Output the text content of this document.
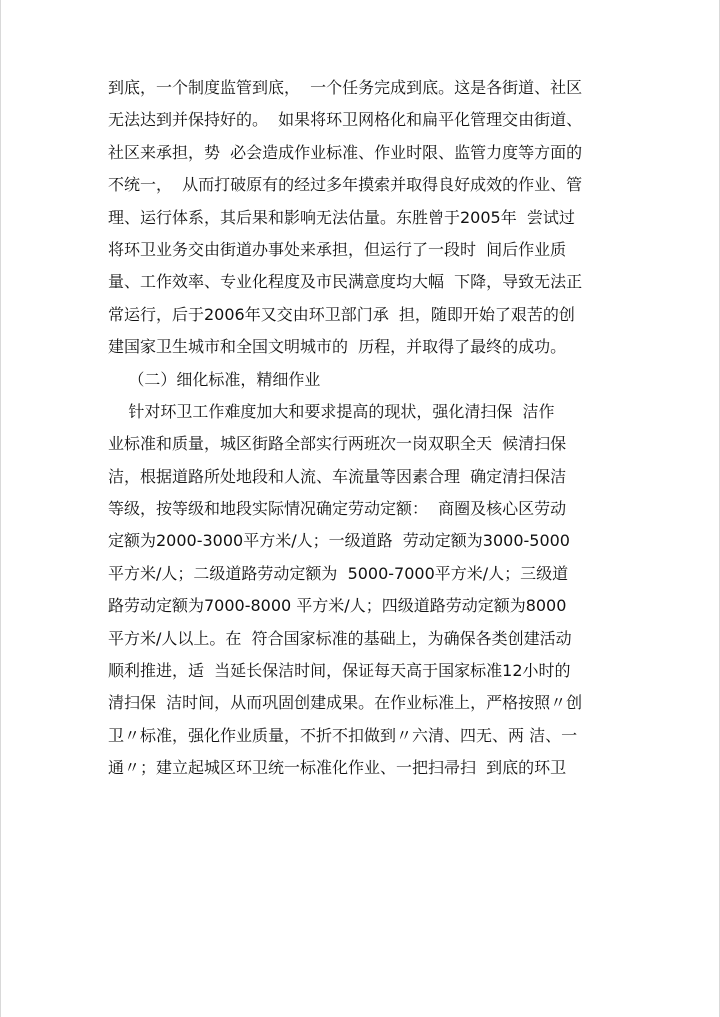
到底，一个制度监管到底，  一个任务完成到底。这是各街道、社区
无法达到并保持好的。  如果将环卫网格化和扁平化管理交由街道、
社区来承担，势  必会造成作业标准、作业时限、监管力度等方面的
不统一，  从而打破原有的经过多年摸索并取得良好成效的作业、管
理、运行体系，其后果和影响无法估量。东胜曾于2005年  尝试过
将环卫业务交由街道办事处来承担，但运行了一段时  间后作业质
量、工作效率、专业化程度及市民满意度均大幅  下降，导致无法正
常运行，后于2006年又交由环卫部门承  担，随即开始了艰苦的创
建国家卫生城市和全国文明城市的  历程，并取得了最终的成功。
（二）细化标准，精细作业
针对环卫工作难度加大和要求提高的现状，强化清扫保  洁作
业标准和质量，城区街路全部实行两班次一岗双职全天  候清扫保
洁，根据道路所处地段和人流、车流量等因素合理  确定清扫保洁
等级，按等级和地段实际情况确定劳动定额：  商圈及核心区劳动
定额为2000-3000平方米/人；一级道路  劳动定额为3000-5000
平方米/人；二级道路劳动定额为  5000-7000平方米/人；三级道
路劳动定额为7000-8000 平方米/人；四级道路劳动定额为8000
平方米/人以上。在  符合国家标准的基础上，为确保各类创建活动
顺利推进，适  当延长保洁时间，保证每天高于国家标准12小时的
清扫保  洁时间，从而巩固创建成果。在作业标准上，严格按照〃创
卫〃标准，强化作业质量，不折不扣做到〃六清、四无、两 洁、一
通〃；建立起城区环卫统一标准化作业、一把扫帚扫  到底的环卫
